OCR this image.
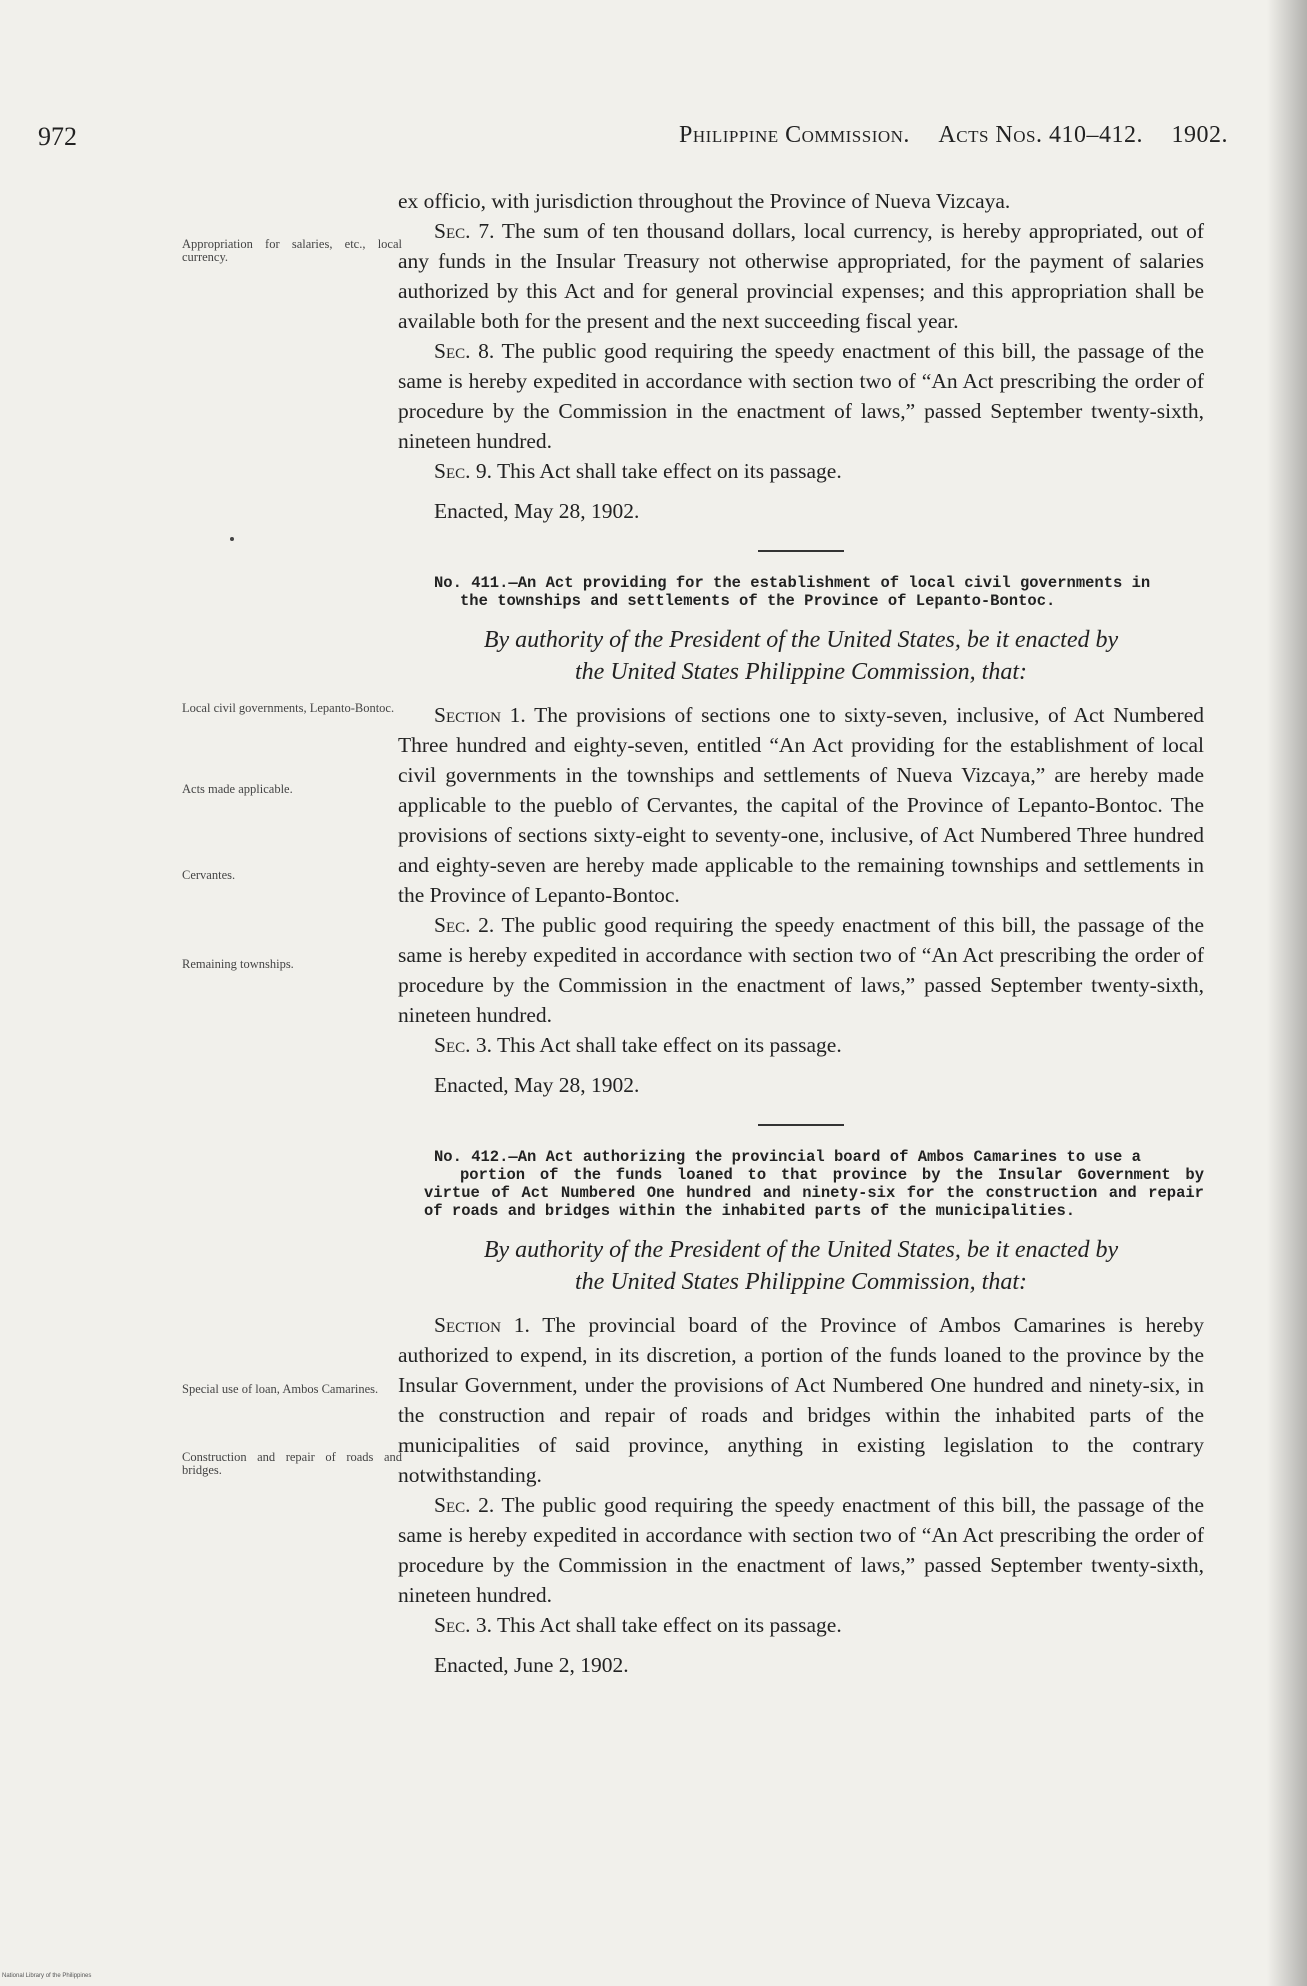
972	Philippine Commission. Acts Nos. 410–412. 1902.
Appropriation for salaries, etc., local currency.
Local civil governments, Lepanto-Bontoc.
Acts made applicable.
Cervantes.
Remaining townships.
Special use of loan, Ambos Camarines.
Construction and repair of roads and bridges.

ex officio, with jurisdiction throughout the Province of Nueva Vizcaya.

Sec. 7. The sum of ten thousand dollars, local currency, is hereby appropriated, out of any funds in the Insular Treasury not otherwise appropriated, for the payment of salaries authorized by this Act and for general provincial expenses; and this appropriation shall be available both for the present and the next succeeding fiscal year.

Sec. 8. The public good requiring the speedy enactment of this bill, the passage of the same is hereby expedited in accordance with section two of “An Act prescribing the order of procedure by the Commission in the enactment of laws,” passed September twenty-sixth, nineteen hundred.

Sec. 9. This Act shall take effect on its passage.

Enacted, May 28, 1902.

No. 411.—An Act providing for the establishment of local civil governments in
the townships and settlements of the Province of Lepanto-Bontoc.

By authority of the President of the United States, be it enacted by
the United States Philippine Commission, that:

Section 1. The provisions of sections one to sixty-seven, inclusive, of Act Numbered Three hundred and eighty-seven, entitled “An Act providing for the establishment of local civil governments in the townships and settlements of Nueva Vizcaya,” are hereby made applicable to the pueblo of Cervantes, the capital of the Province of Lepanto-Bontoc. The provisions of sections sixty-eight to seventy-one, inclusive, of Act Numbered Three hundred and eighty-seven are hereby made applicable to the remaining townships and settlements in the Province of Lepanto-Bontoc.

Sec. 2. The public good requiring the speedy enactment of this bill, the passage of the same is hereby expedited in accordance with section two of “An Act prescribing the order of procedure by the Commission in the enactment of laws,” passed September twenty-sixth, nineteen hundred.

Sec. 3. This Act shall take effect on its passage.

Enacted, May 28, 1902.

No. 412.—An Act authorizing the provincial board of Ambos Camarines to use a
portion of the funds loaned to that province by the Insular Government by virtue of Act Numbered One hundred and ninety-six for the construction and repair of roads and bridges within the inhabited parts of the municipalities.

By authority of the President of the United States, be it enacted by
the United States Philippine Commission, that:

Section 1. The provincial board of the Province of Ambos Camarines is hereby authorized to expend, in its discretion, a portion of the funds loaned to the province by the Insular Government, under the provisions of Act Numbered One hundred and ninety-six, in the construction and repair of roads and bridges within the inhabited parts of the municipalities of said province, anything in existing legislation to the contrary notwithstanding.

Sec. 2. The public good requiring the speedy enactment of this bill, the passage of the same is hereby expedited in accordance with section two of “An Act prescribing the order of procedure by the Commission in the enactment of laws,” passed September twenty-sixth, nineteen hundred.

Sec. 3. This Act shall take effect on its passage.

Enacted, June 2, 1902.

National Library of the Philippines
